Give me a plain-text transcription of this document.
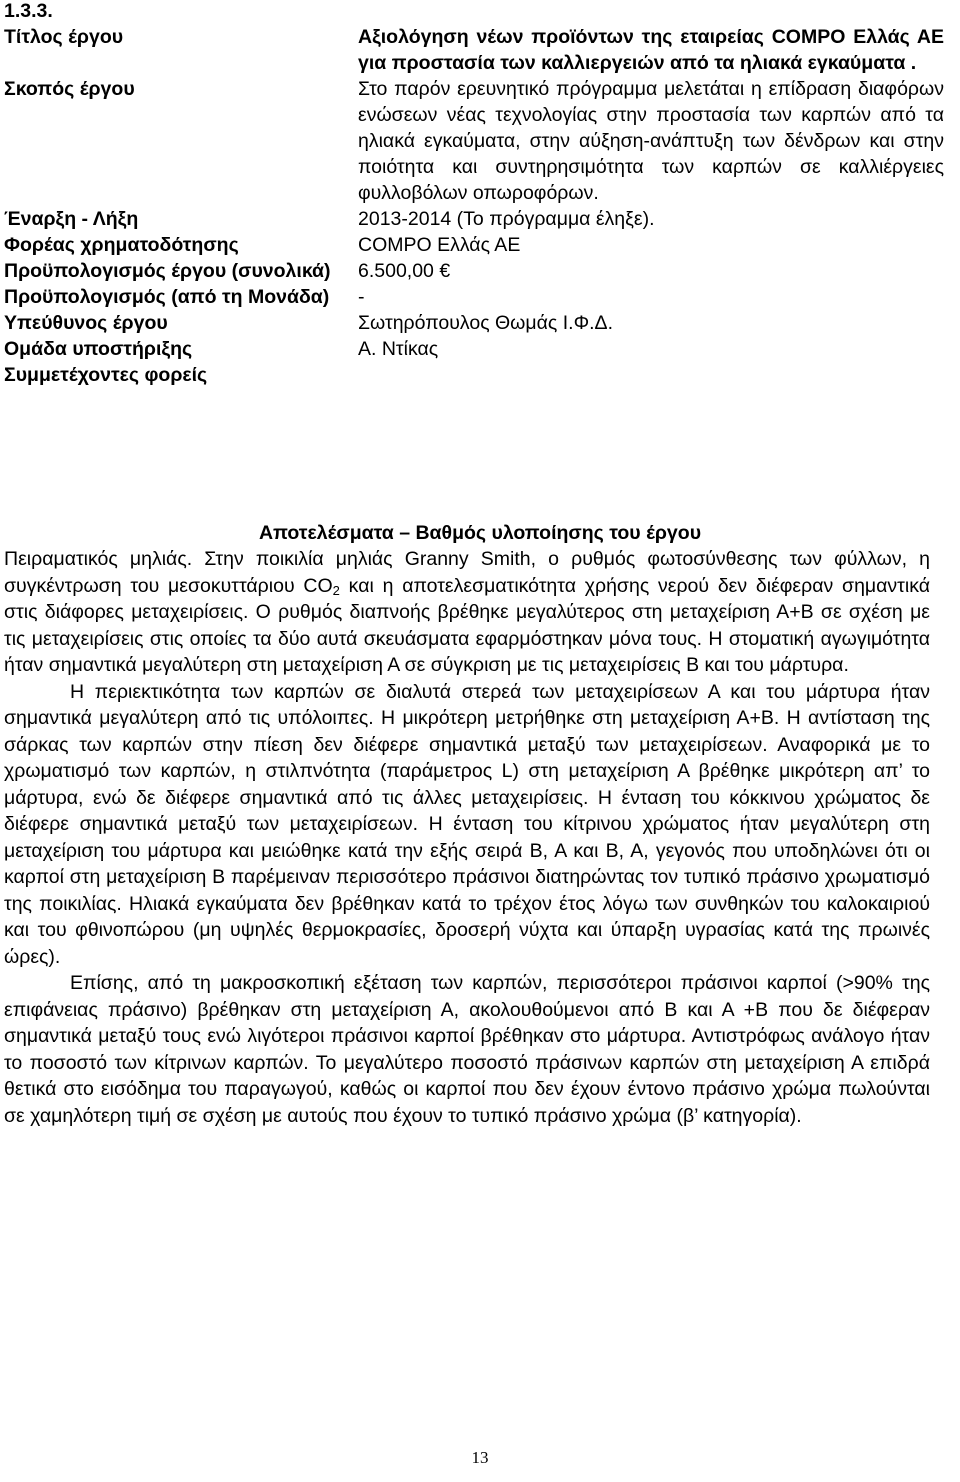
1.3.3.
Τίτλος έργου	Αξιολόγηση νέων προϊόντων της εταιρείας COMPO Ελλάς ΑΕ για προστασία των καλλιεργειών από τα ηλιακά εγκαύματα .
Σκοπός έργου	Στο παρόν ερευνητικό πρόγραμμα μελετάται η επίδραση διαφόρων ενώσεων νέας τεχνολογίας στην προστασία των καρπών από τα ηλιακά εγκαύματα, στην αύξηση-ανάπτυξη των δένδρων και στην ποιότητα και συντηρησιμότητα των καρπών σε καλλιέργειες φυλλοβόλων οπωροφόρων.
Έναρξη - Λήξη	2013-2014 (Το πρόγραμμα έληξε).
Φορέας χρηματοδότησης	COMPO Ελλάς ΑΕ
Προϋπολογισμός έργου (συνολικά)	6.500,00 €
Προϋπολογισμός (από τη Μονάδα)	-
Υπεύθυνος έργου	Σωτηρόπουλος Θωμάς Ι.Φ.Δ.
Ομάδα υποστήριξης	Α. Ντίκας
Συμμετέχοντες φορείς	
Αποτελέσματα – Βαθμός υλοποίησης του έργου

Πειραματικός μηλιάς. Στην ποικιλία μηλιάς Granny Smith, ο ρυθμός φωτοσύνθεσης των φύλλων, η συγκέντρωση του μεσοκυττάριου $CO_2$ και η αποτελεσματικότητα χρήσης νερού δεν διέφεραν σημαντικά στις διάφορες μεταχειρίσεις. Ο ρυθμός διαπνοής βρέθηκε μεγαλύτερος στη μεταχείριση Α+Β σε σχέση με τις μεταχειρίσεις στις οποίες τα δύο αυτά σκευάσματα εφαρμόστηκαν μόνα τους. Η στοματική αγωγιμότητα ήταν σημαντικά μεγαλύτερη στη μεταχείριση Α σε σύγκριση με τις μεταχειρίσεις Β και του μάρτυρα.

Η περιεκτικότητα των καρπών σε διαλυτά στερεά των μεταχειρίσεων Α και του μάρτυρα ήταν σημαντικά μεγαλύτερη από τις υπόλοιπες. Η μικρότερη μετρήθηκε στη μεταχείριση Α+Β. Η αντίσταση της σάρκας των καρπών στην πίεση δεν διέφερε σημαντικά μεταξύ των μεταχειρίσεων. Αναφορικά με το χρωματισμό των καρπών, η στιλπνότητα (παράμετρος L) στη μεταχείριση Α βρέθηκε μικρότερη απ’ το μάρτυρα, ενώ δε διέφερε σημαντικά από τις άλλες μεταχειρίσεις. Η ένταση του κόκκινου χρώματος δε διέφερε σημαντικά μεταξύ των μεταχειρίσεων. Η ένταση του κίτρινου χρώματος ήταν μεγαλύτερη στη μεταχείριση του μάρτυρα και μειώθηκε κατά την εξής σειρά Β, Α και Β, Α, γεγονός που υποδηλώνει ότι οι καρποί στη μεταχείριση Β παρέμειναν περισσότερο πράσινοι διατηρώντας τον τυπικό πράσινο χρωματισμό της ποικιλίας. Ηλιακά εγκαύματα δεν βρέθηκαν κατά το τρέχον έτος λόγω των συνθηκών του καλοκαιριού και του φθινοπώρου (μη υψηλές θερμοκρασίες, δροσερή νύχτα και ύπαρξη υγρασίας κατά της πρωινές ώρες).

Επίσης, από τη μακροσκοπική εξέταση των καρπών, περισσότεροι πράσινοι καρποί (>90% της επιφάνειας πράσινο) βρέθηκαν στη μεταχείριση Α, ακολουθούμενοι από Β και Α +Β που δε διέφεραν σημαντικά μεταξύ τους ενώ λιγότεροι πράσινοι καρποί βρέθηκαν στο μάρτυρα. Αντιστρόφως ανάλογο ήταν το ποσοστό των κίτρινων καρπών. Το μεγαλύτερο ποσοστό πράσινων καρπών στη μεταχείριση Α επιδρά θετικά στο εισόδημα του παραγωγού, καθώς οι καρποί που δεν έχουν έντονο πράσινο χρώμα πωλούνται σε χαμηλότερη τιμή σε σχέση με αυτούς που έχουν το τυπικό πράσινο χρώμα (β’ κατηγορία).

13
